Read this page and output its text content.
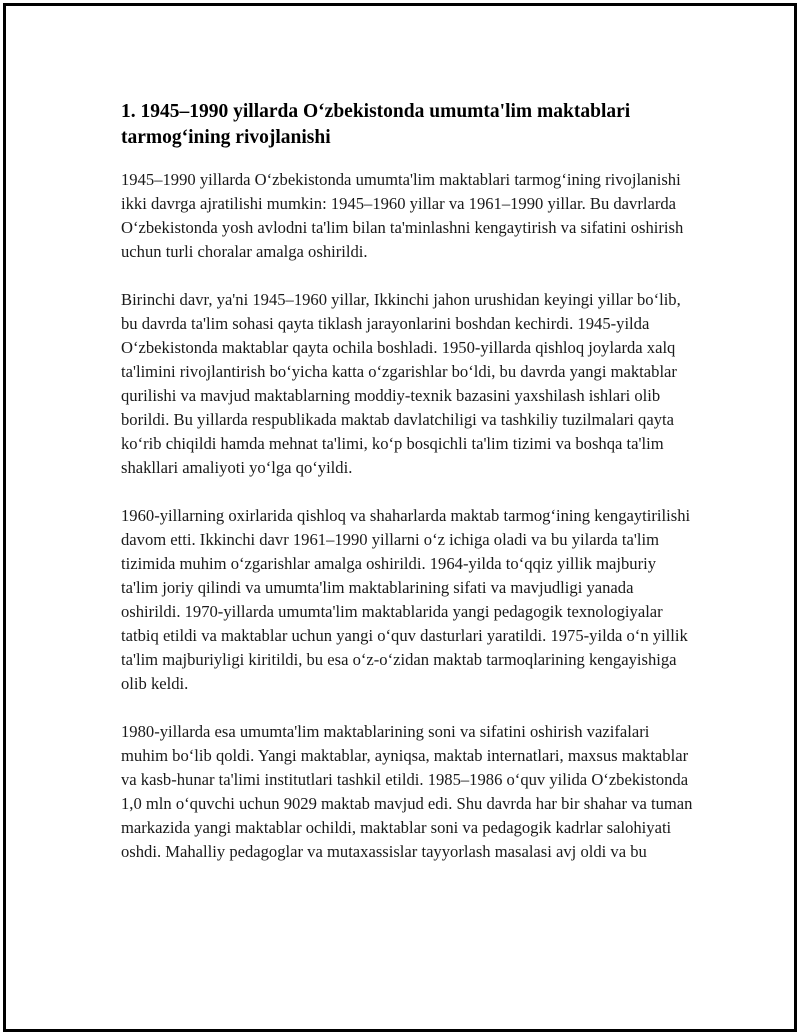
1. 1945–1990 yillarda O‘zbekistonda umumta'lim maktablari tarmog‘ining rivojlanishi

1945–1990 yillarda O‘zbekistonda umumta'lim maktablari tarmog‘ining rivojlanishi ikki davrga ajratilishi mumkin: 1945–1960 yillar va 1961–1990 yillar. Bu davrlarda O‘zbekistonda yosh avlodni ta'lim bilan ta'minlashni kengaytirish va sifatini oshirish uchun turli choralar amalga oshirildi.

Birinchi davr, ya'ni 1945–1960 yillar, Ikkinchi jahon urushidan keyingi yillar bo‘lib, bu davrda ta'lim sohasi qayta tiklash jarayonlarini boshdan kechirdi. 1945-yilda O‘zbekistonda maktablar qayta ochila boshladi. 1950-yillarda qishloq joylarda xalq ta'limini rivojlantirish bo‘yicha katta o‘zgarishlar bo‘ldi, bu davrda yangi maktablar qurilishi va mavjud maktablarning moddiy-texnik bazasini yaxshilash ishlari olib borildi. Bu yillarda respublikada maktab davlatchiligi va tashkiliy tuzilmalari qayta ko‘rib chiqildi hamda mehnat ta'limi, ko‘p bosqichli ta'lim tizimi va boshqa ta'lim shakllari amaliyoti yo‘lga qo‘yildi.

1960-yillarning oxirlarida qishloq va shaharlarda maktab tarmog‘ining kengaytirilishi davom etti. Ikkinchi davr 1961–1990 yillarni o‘z ichiga oladi va bu yilarda ta'lim tizimida muhim o‘zgarishlar amalga oshirildi. 1964-yilda to‘qqiz yillik majburiy ta'lim joriy qilindi va umumta'lim maktablarining sifati va mavjudligi yanada oshirildi. 1970-yillarda umumta'lim maktablarida yangi pedagogik texnologiyalar tatbiq etildi va maktablar uchun yangi o‘quv dasturlari yaratildi. 1975-yilda o‘n yillik ta'lim majburiyligi kiritildi, bu esa o‘z-o‘zidan maktab tarmoqlarining kengayishiga olib keldi.

1980-yillarda esa umumta'lim maktablarining soni va sifatini oshirish vazifalari muhim bo‘lib qoldi. Yangi maktablar, ayniqsa, maktab internatlari, maxsus maktablar va kasb-hunar ta'limi institutlari tashkil etildi. 1985–1986 o‘quv yilida O‘zbekistonda 1,0 mln o‘quvchi uchun 9029 maktab mavjud edi. Shu davrda har bir shahar va tuman markazida yangi maktablar ochildi, maktablar soni va pedagogik kadrlar salohiyati oshdi. Mahalliy pedagoglar va mutaxassislar tayyorlash masalasi avj oldi va bu
